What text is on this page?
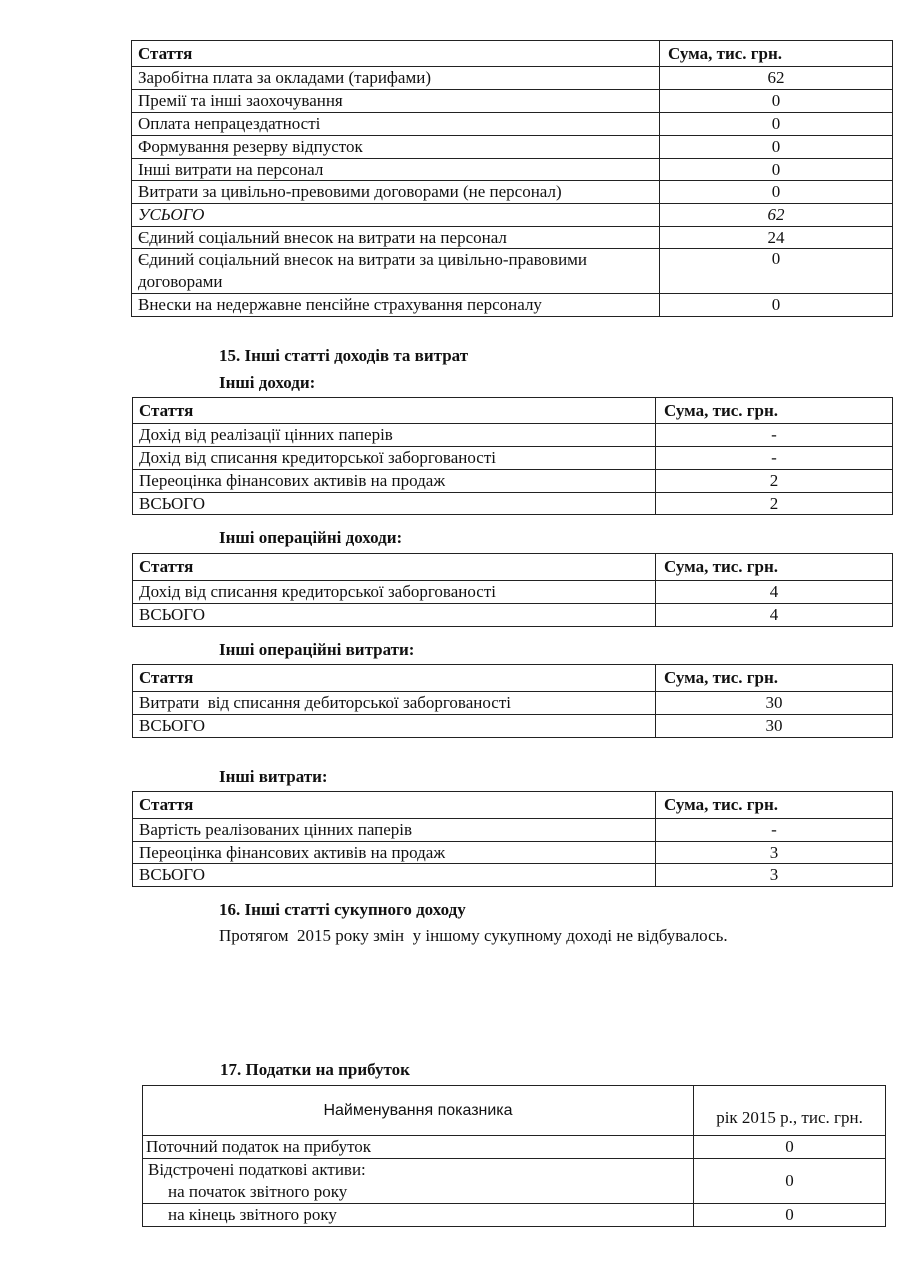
Стаття	Сума, тис. грн.
Заробітна плата за окладами (тарифами)	62
Премії та інші заохочування	0
Оплата непрацездатності	0
Формування резерву відпусток	0
Інші витрати на персонал	0
Витрати за цивільно-превовими договорами (не персонал)	0
УСЬОГО	62
Єдиний соціальний внесок на витрати на персонал	24
Єдиний соціальний внесок на витрати за цивільно-правовими договорами	0
Внески на недержавне пенсійне страхування персоналу	0
15. Інші статті доходів та витрат
Інші доходи:
Стаття	Сума, тис. грн.
Дохід від реалізації цінних паперів	-
Дохід від списання кредиторської заборгованості	-
Переоцінка фінансових активів на продаж	2
ВСЬОГО	2
Інші операційні доходи:
Стаття	Сума, тис. грн.
Дохід від списання кредиторської заборгованості	4
ВСЬОГО	4
Інші операційні витрати:
Стаття	Сума, тис. грн.
Витрати  від списання дебиторської заборгованості	30
ВСЬОГО	30
Інші витрати:
Стаття	Сума, тис. грн.
Вартість реалізованих цінних паперів	-
Переоцінка фінансових активів на продаж	3
ВСЬОГО	3
16. Інші статті сукупного доходу
Протягом  2015 року змін  у іншому сукупному доході не відбувалось.
17. Податки на прибуток
Найменування показника	рік 2015 р., тис. грн.
Поточний податок на прибуток	0

Відстрочені податкові активи:
на початок звітного року	0
на кінець звітного року	0
